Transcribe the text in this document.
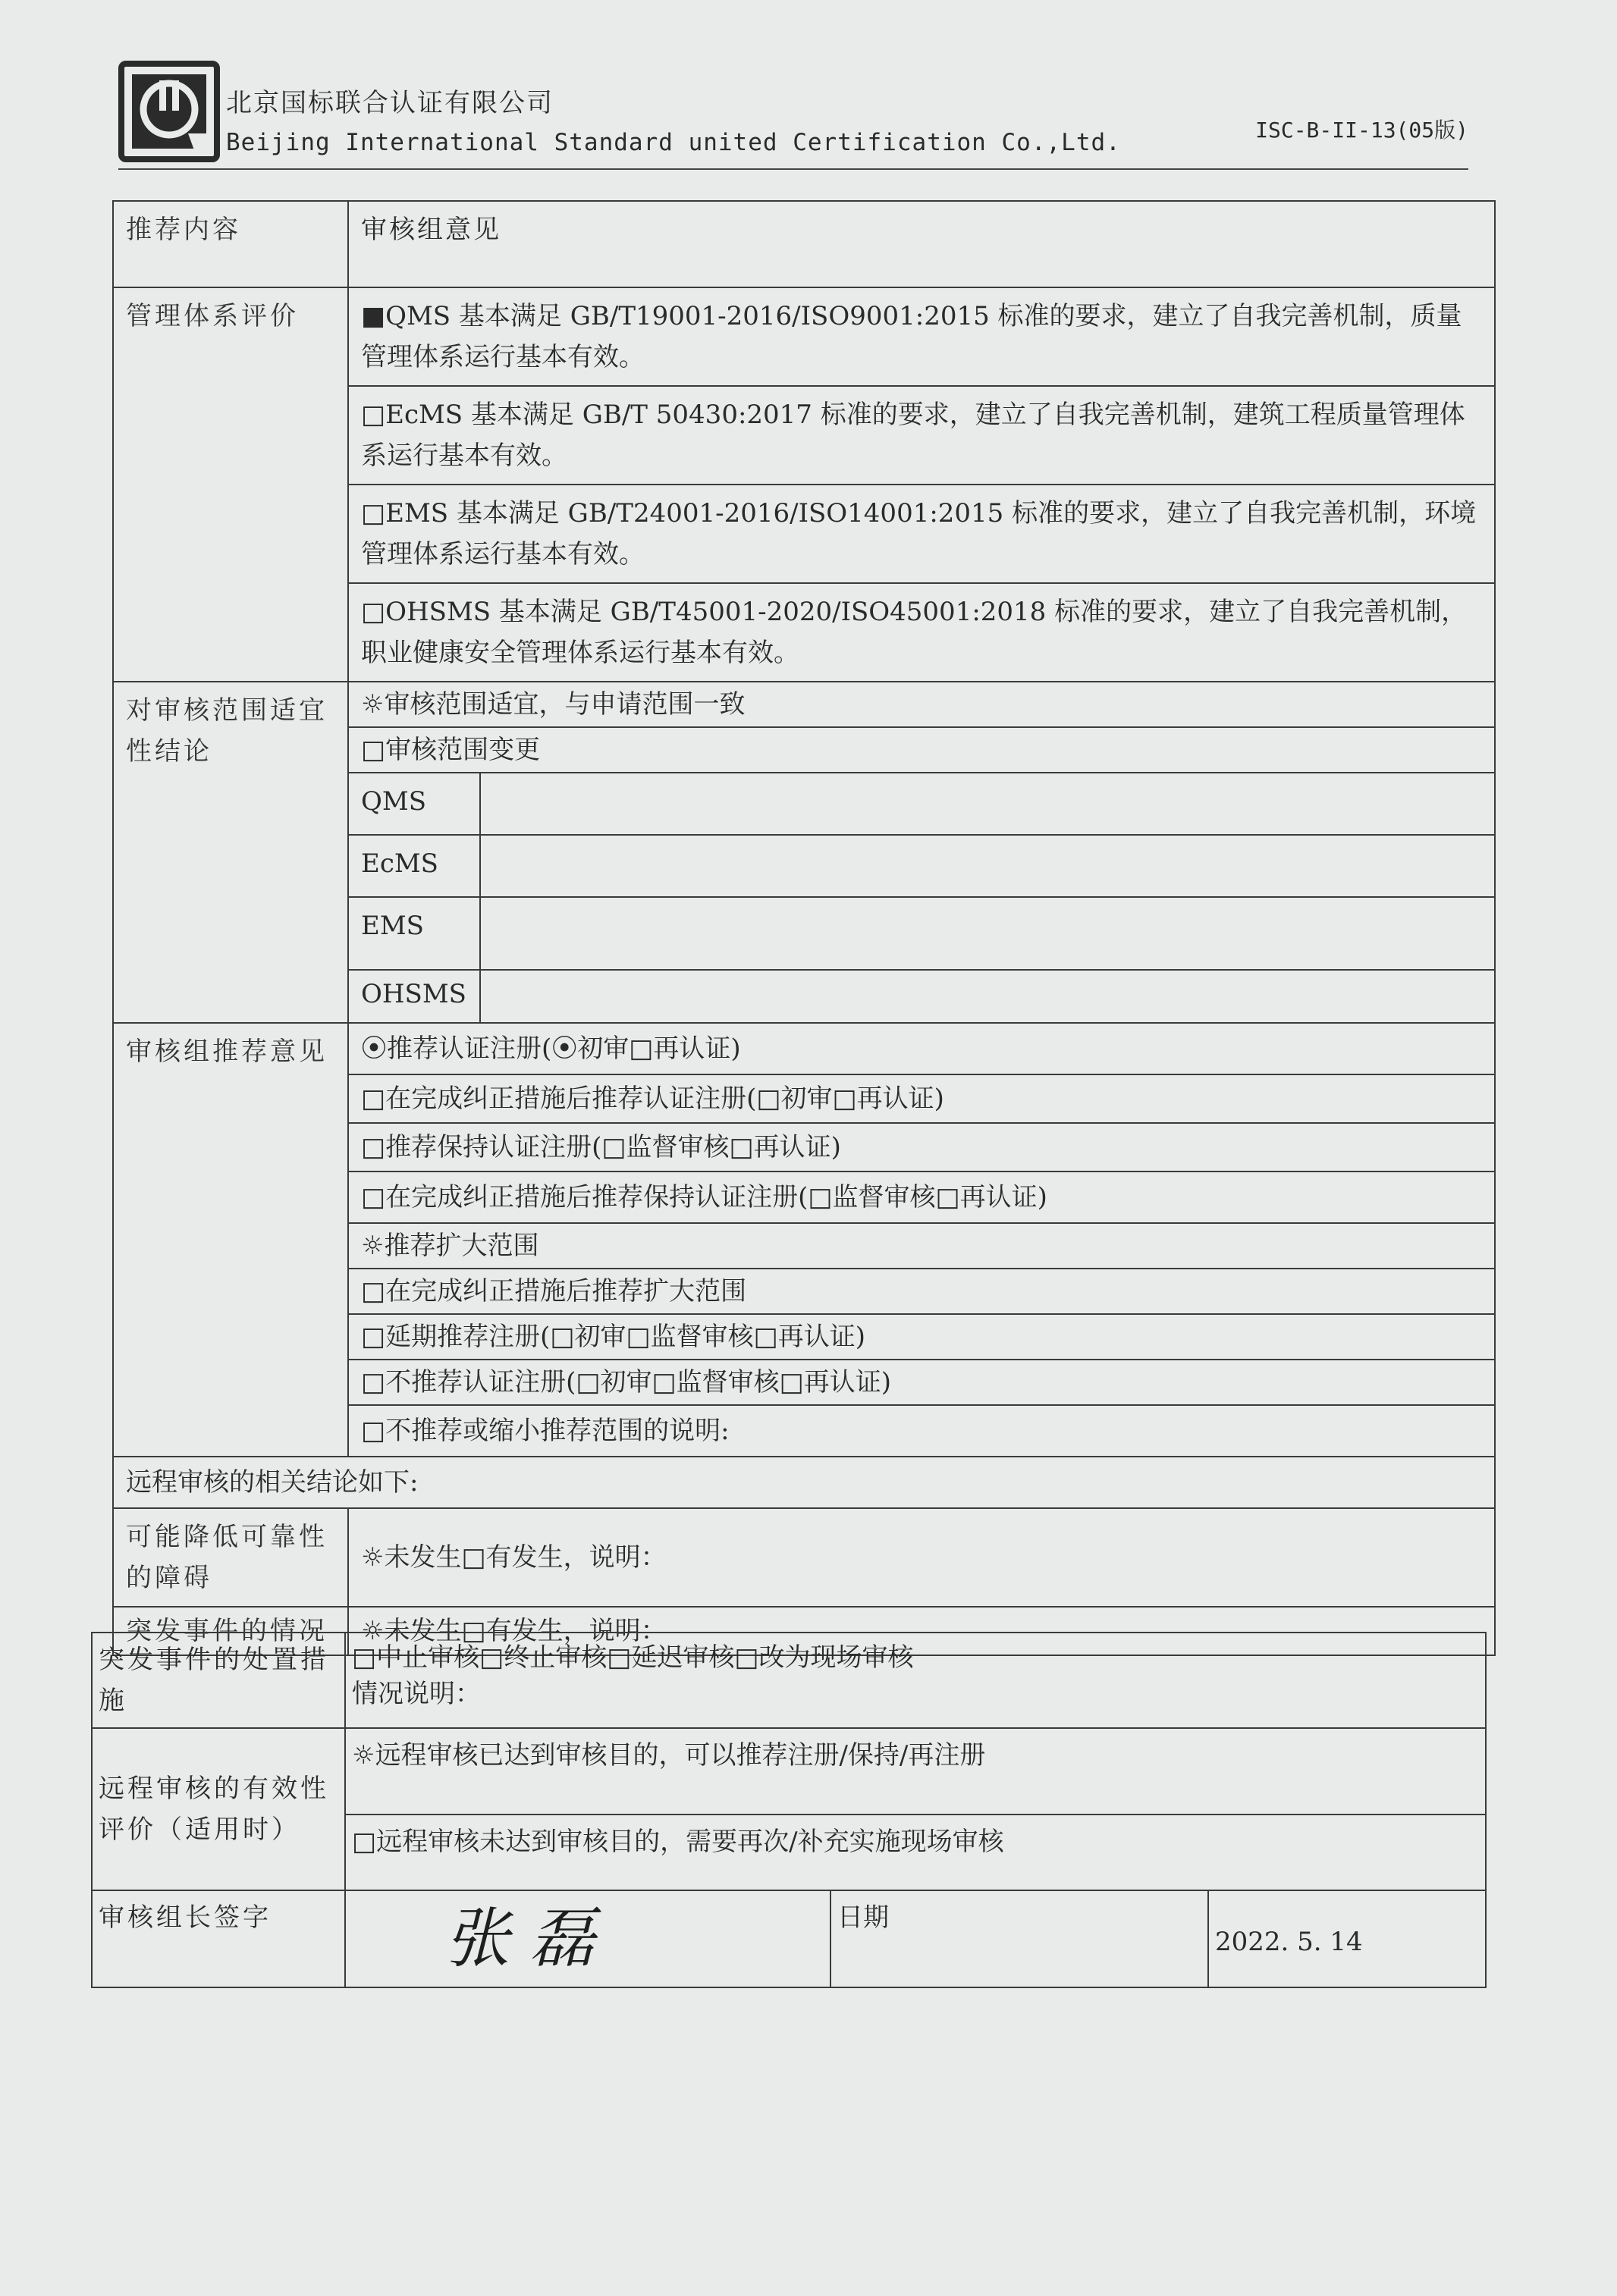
北京国标联合认证有限公司
Beijing International Standard united Certification Co.,Ltd.	ISC-B-II-13(05版)
推荐内容	审核组意见	
管理体系评价	■QMS 基本满足 GB/T19001-2016/ISO9001:2015 标准的要求，建立了自我完善机制，质量管理体系运行基本有效。	
	□EcMS 基本满足 GB/T 50430:2017 标准的要求，建立了自我完善机制，建筑工程质量管理体系运行基本有效。	
	□EMS 基本满足 GB/T24001-2016/ISO14001:2015 标准的要求，建立了自我完善机制，环境管理体系运行基本有效。	
	□OHSMS 基本满足 GB/T45001-2020/ISO45001:2018 标准的要求，建立了自我完善机制，职业健康安全管理体系运行基本有效。	
对审核范围适宜性结论	☼审核范围适宜，与申请范围一致	
	□审核范围变更	
	QMS	
	EcMS	
	EMS	
	OHSMS	
审核组推荐意见	⦿推荐认证注册(⦿初审□再认证)	
	□在完成纠正措施后推荐认证注册(□初审□再认证)	
	□推荐保持认证注册(□监督审核□再认证)	
	□在完成纠正措施后推荐保持认证注册(□监督审核□再认证)	
	☼推荐扩大范围	
	□在完成纠正措施后推荐扩大范围	
	□延期推荐注册(□初审□监督审核□再认证)	
	□不推荐认证注册(□初审□监督审核□再认证)	
	□不推荐或缩小推荐范围的说明:	
远程审核的相关结论如下:		
可能降低可靠性的障碍	☼未发生□有发生，说明：	
突发事件的情况	☼未发生□有发生，说明：	
突发事件的处置措施	□中止审核□终止审核□延迟审核□改为现场审核
情况说明：		

远程审核的有效性评价（适用时）	☼远程审核已达到审核目的，可以推荐注册/保持/再注册		
	□远程审核未达到审核目的，需要再次/补充实施现场审核		
审核组长签字	张磊	日期	2022. 5. 14
